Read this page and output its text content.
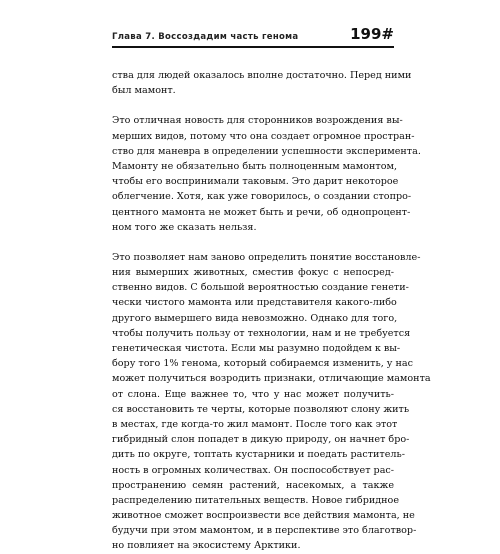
Глава 7. Воссоздадим часть генома	199#

ства для людей оказалось вполне достаточно. Перед ними
был мамонт.

Это отличная новость для сторонников возрождения вы-
мерших видов, потому что она создает огромное простран-
ство для маневра в определении успешности эксперимента.
Мамонту не обязательно быть полноценным мамонтом,
чтобы его воспринимали таковым. Это дарит некоторое
облегчение. Хотя, как уже говорилось, о создании стопро-
центного мамонта не может быть и речи, об однопроцент-
ном того же сказать нельзя.

Это позволяет нам заново определить понятие восстановле-
ния вымерших животных, сместив фокус с непосред-
ственно видов. С большой вероятностью создание генети-
чески чистого мамонта или представителя какого-либо
другого вымершего вида невозможно. Однако для того,
чтобы получить пользу от технологии, нам и не требуется
генетическая чистота. Если мы разумно подойдем к вы-
бору того 1% генома, который собираемся изменить, у нас
может получиться возродить признаки, отличающие мамонта
от слона. Еще важнее то, что у нас может получить-
ся восстановить те черты, которые позволяют слону жить
в местах, где когда-то жил мамонт. После того как этот
гибридный слон попадет в дикую природу, он начнет бро-
дить по округе, топтать кустарники и поедать раститель-
ность в огромных количествах. Он поспособствует рас-
пространению семян растений, насекомых, а также
распределению питательных веществ. Новое гибридное
животное сможет воспроизвести все действия мамонта, не
будучи при этом мамонтом, и в перспективе это благотвор-
но повлияет на экосистему Арктики.
